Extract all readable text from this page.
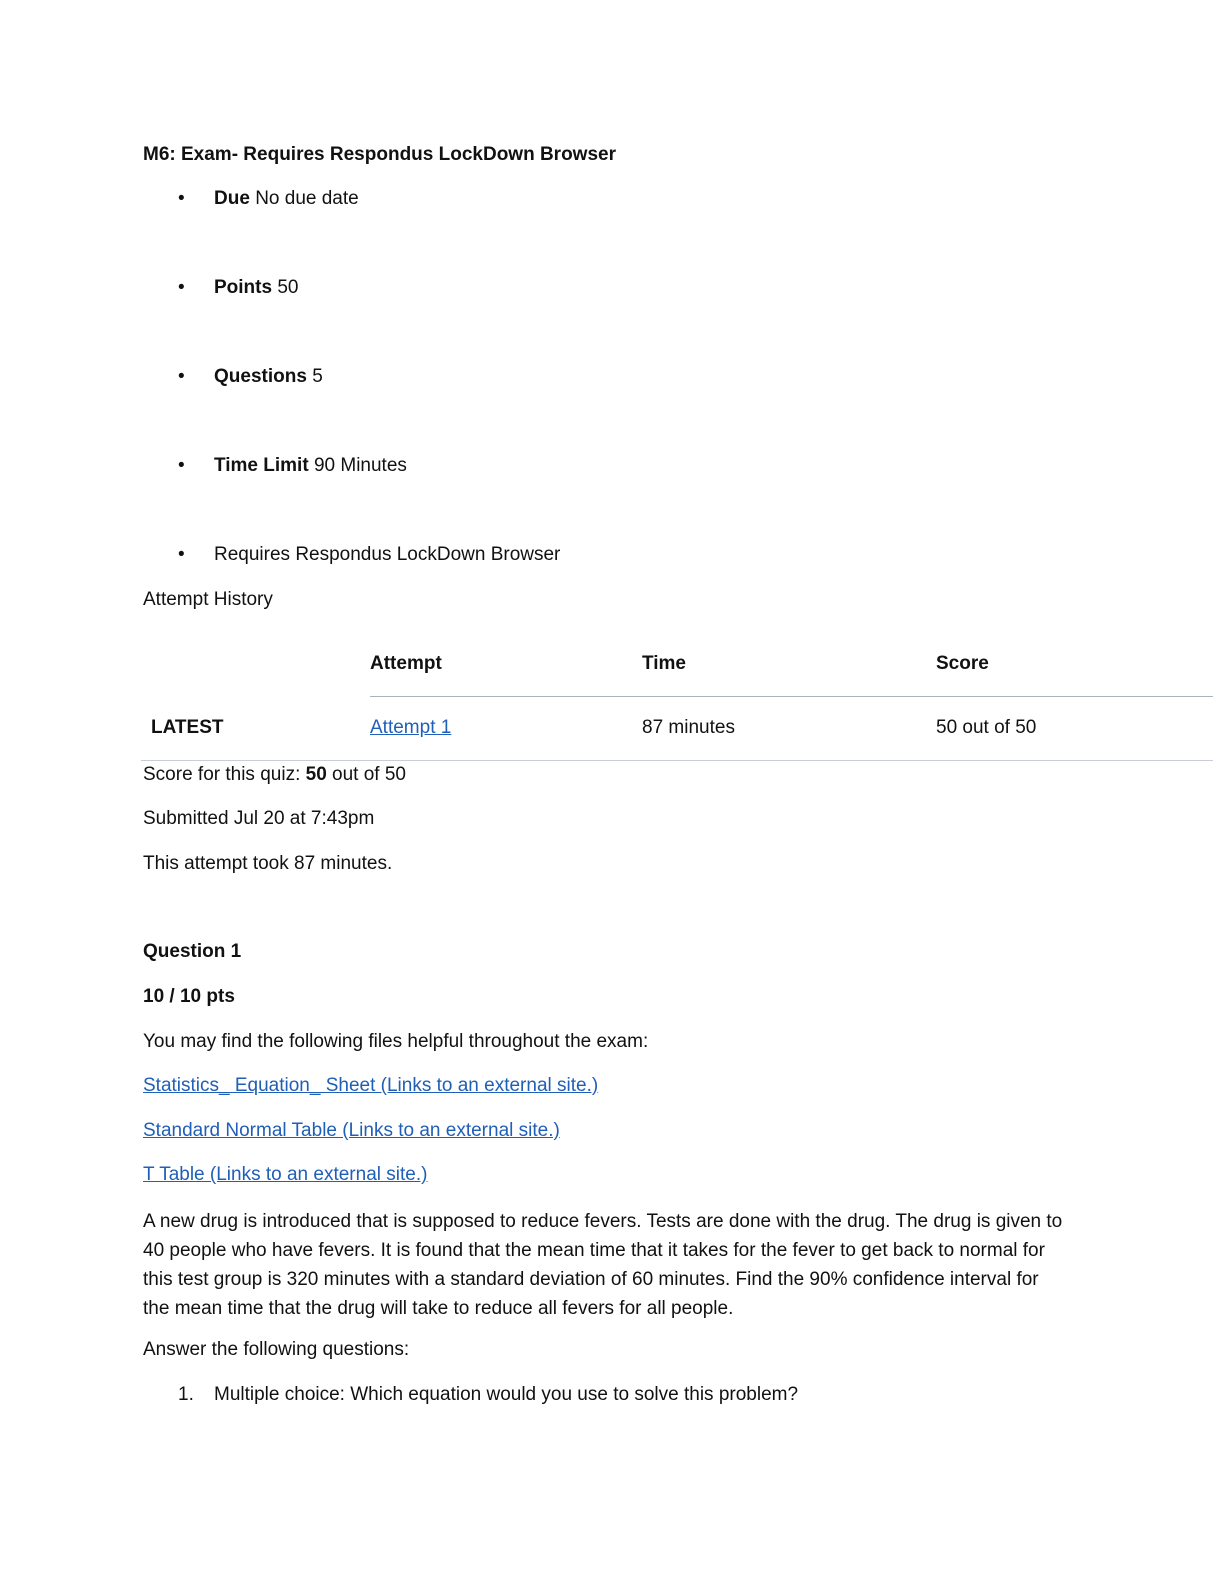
M6: Exam- Requires Respondus LockDown Browser
• Due No due date
• Points 50
• Questions 5
• Time Limit 90 Minutes
• Requires Respondus LockDown Browser
Attempt History
	Attempt	Time	Score
LATEST	Attempt 1	87 minutes	50 out of 50
Score for this quiz: 50 out of 50
Submitted Jul 20 at 7:43pm
This attempt took 87 minutes.
Question 1
10 / 10 pts
You may find the following files helpful throughout the exam:
Statistics_ Equation_ Sheet (Links to an external site.)
Standard Normal Table (Links to an external site.)
T Table (Links to an external site.)
A new drug is introduced that is supposed to reduce fevers. Tests are done with the drug. The drug is given to 40 people who have fevers. It is found that the mean time that it takes for the fever to get back to normal for this test group is 320 minutes with a standard deviation of 60 minutes. Find the 90% confidence interval for the mean time that the drug will take to reduce all fevers for all people.
Answer the following questions:
1. Multiple choice: Which equation would you use to solve this problem?
